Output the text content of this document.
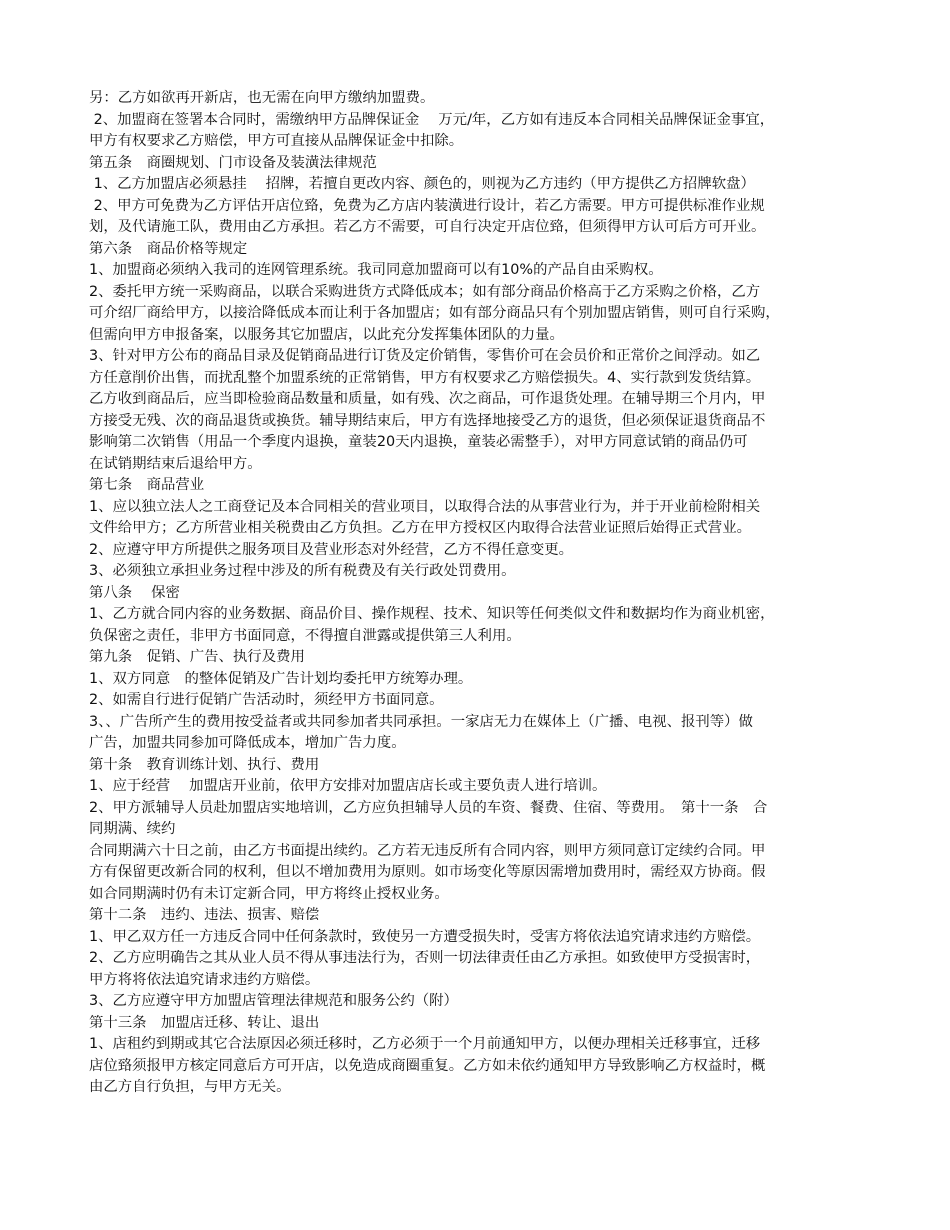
另：乙方如欲再开新店，也无需在向甲方缴纳加盟费。
2、加盟商在签署本合同时，需缴纳甲方品牌保证金　 万元/年，乙方如有违反本合同相关品牌保证金事宜，
甲方有权要求乙方赔偿，甲方可直接从品牌保证金中扣除。
第五条　商圈规划、门市设备及装潢法律规范
1、乙方加盟店必须悬挂　 招牌，若擅自更改内容、颜色的，则视为乙方违约（甲方提供乙方招牌软盘）
2、甲方可免费为乙方评估开店位臵，免费为乙方店内装潢进行设计，若乙方需要。甲方可提供标准作业规
划，及代请施工队，费用由乙方承担。若乙方不需要，可自行决定开店位臵，但须得甲方认可后方可开业。
第六条　商品价格等规定
1、加盟商必须纳入我司的连网管理系统。我司同意加盟商可以有10%的产品自由采购权。
2、委托甲方统一采购商品，以联合采购进货方式降低成本；如有部分商品价格高于乙方采购之价格，乙方
可介绍厂商给甲方，以接洽降低成本而让利于各加盟店；如有部分商品只有个别加盟店销售，则可自行采购，
但需向甲方申报备案，以服务其它加盟店，以此充分发挥集体团队的力量。
3、针对甲方公布的商品目录及促销商品进行订货及定价销售，零售价可在会员价和正常价之间浮动。如乙
方任意削价出售，而扰乱整个加盟系统的正常销售，甲方有权要求乙方赔偿损失。4、实行款到发货结算。
乙方收到商品后，应当即检验商品数量和质量，如有残、次之商品，可作退货处理。在辅导期三个月内，甲
方接受无残、次的商品退货或换货。辅导期结束后，甲方有选择地接受乙方的退货，但必须保证退货商品不
影响第二次销售（用品一个季度内退换，童装20天内退换，童装必需整手），对甲方同意试销的商品仍可
在试销期结束后退给甲方。
第七条　商品营业
1、应以独立法人之工商登记及本合同相关的营业项目，以取得合法的从事营业行为，并于开业前检附相关
文件给甲方；乙方所营业相关税费由乙方负担。乙方在甲方授权区内取得合法营业证照后始得正式营业。
2、应遵守甲方所提供之服务项目及营业形态对外经营，乙方不得任意变更。
3、必须独立承担业务过程中涉及的所有税费及有关行政处罚费用。
第八条　 保密
1、乙方就合同内容的业务数据、商品价目、操作规程、技术、知识等任何类似文件和数据均作为商业机密，
负保密之责任，非甲方书面同意，不得擅自泄露或提供第三人利用。
第九条　促销、广告、执行及费用
1、双方同意　的整体促销及广告计划均委托甲方统筹办理。
2、如需自行进行促销广告活动时，须经甲方书面同意。
3、、广告所产生的费用按受益者或共同参加者共同承担。一家店无力在媒体上（广播、电视、报刊等）做
广告，加盟共同参加可降低成本，增加广告力度。
第十条　教育训练计划、执行、费用
1、应于经营　 加盟店开业前，依甲方安排对加盟店店长或主要负责人进行培训。
2、甲方派辅导人员赴加盟店实地培训，乙方应负担辅导人员的车资、餐费、住宿、等费用。　第十一条　合
同期满、续约
合同期满六十日之前，由乙方书面提出续约。乙方若无违反所有合同内容，则甲方须同意订定续约合同。甲
方有保留更改新合同的权利，但以不增加费用为原则。如市场变化等原因需增加费用时，需经双方协商。假
如合同期满时仍有未订定新合同，甲方将终止授权业务。
第十二条　违约、违法、损害、赔偿
1、甲乙双方任一方违反合同中任何条款时，致使另一方遭受损失时，受害方将依法追究请求违约方赔偿。
2、乙方应明确告之其从业人员不得从事违法行为，否则一切法律责任由乙方承担。如致使甲方受损害时，
甲方将将依法追究请求违约方赔偿。
3、乙方应遵守甲方加盟店管理法律规范和服务公约（附）
第十三条　加盟店迁移、转让、退出
1、店租约到期或其它合法原因必须迁移时，乙方必须于一个月前通知甲方，以便办理相关迁移事宜，迁移
店位臵须报甲方核定同意后方可开店，以免造成商圈重复。乙方如未依约通知甲方导致影响乙方权益时，概
由乙方自行负担，与甲方无关。
